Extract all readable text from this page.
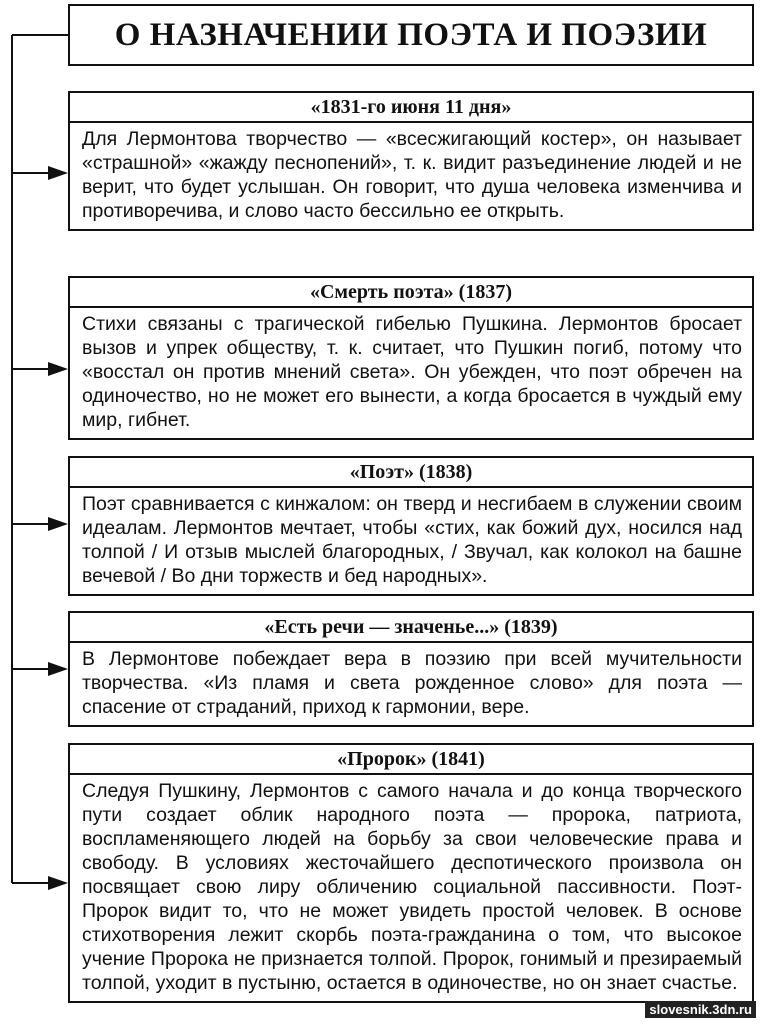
О НАЗНАЧЕНИИ ПОЭТА И ПОЭЗИИ
«1831-го июня 11 дня»
Для Лермонтова творчество — «всесжигающий костер», он называет «страшной» «жажду песнопений», т. к. видит разъединение людей и не верит, что будет услышан. Он говорит, что душа человека изменчива и противоречива, и слово часто бессильно ее открыть.
«Смерть поэта» (1837)
Стихи связаны с трагической гибелью Пушкина. Лермонтов бросает вызов и упрек обществу, т. к. считает, что Пушкин погиб, потому что «восстал он против мнений света». Он убежден, что поэт обречен на одиночество, но не может его вынести, а когда бросается в чуждый ему мир, гибнет.
«Поэт» (1838)
Поэт сравнивается с кинжалом: он тверд и несгибаем в служении своим идеалам. Лермонтов мечтает, чтобы «стих, как божий дух, носился над толпой / И отзыв мыслей благородных, / Звучал, как колокол на башне вечевой / Во дни торжеств и бед народных».
«Есть речи — значенье...» (1839)
В Лермонтове побеждает вера в поэзию при всей мучительности творчества. «Из пламя и света рожденное слово» для поэта — спасение от страданий, приход к гармонии, вере.
«Пророк» (1841)
Следуя Пушкину, Лермонтов с самого начала и до конца творческого пути создает облик народного поэта — пророка, патриота, воспламеняющего людей на борьбу за свои человеческие права и свободу. В условиях жесточайшего деспотического произвола он посвящает свою лиру обличению социальной пассивности. Поэт-Пророк видит то, что не может увидеть простой человек. В основе стихотворения лежит скорбь поэта-гражданина о том, что высокое учение Пророка не признается толпой. Пророк, гонимый и презираемый толпой, уходит в пустыню, остается в одиночестве, но он знает счастье.
slovesnik.3dn.ru
